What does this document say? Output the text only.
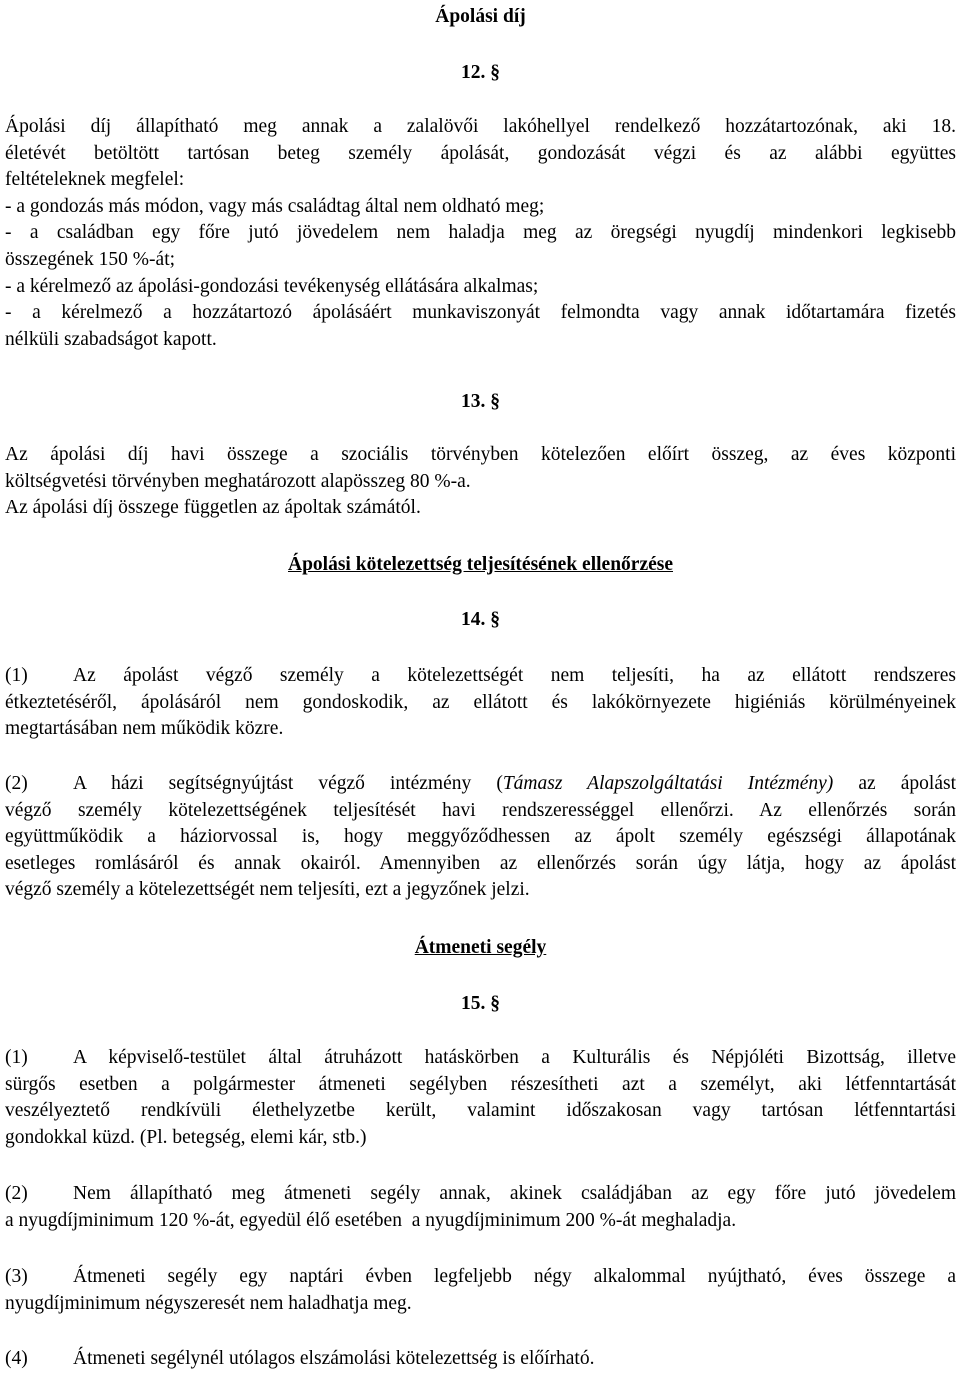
Ápolási díj
12. §
Ápolási díj állapítható meg annak a zalalövői lakóhellyel rendelkező hozzátartozónak, aki 18.
életévét betöltött tartósan beteg személy ápolását, gondozását végzi és az alábbi együttes
feltételeknek megfelel:
- a gondozás más módon, vagy más családtag által nem oldható meg;
- a családban egy főre jutó jövedelem nem haladja meg az öregségi nyugdíj mindenkori legkisebb
összegének 150 %-át;
- a kérelmező az ápolási-gondozási tevékenység ellátására alkalmas;
- a kérelmező a hozzátartozó ápolásáért munkaviszonyát felmondta vagy annak időtartamára fizetés
nélküli szabadságot kapott.
13. §
Az ápolási díj havi összege a szociális törvényben kötelezően előírt összeg, az éves központi
költségvetési törvényben meghatározott alapösszeg 80 %-a.
Az ápolási díj összege független az ápoltak számától.
Ápolási kötelezettség teljesítésének ellenőrzése
14. §
(1) Az ápolást végző személy a kötelezettségét nem teljesíti, ha az ellátott rendszeres
étkeztetéséről, ápolásáról nem gondoskodik, az ellátott és lakókörnyezete higiéniás körülményeinek
megtartásában nem működik közre.
(2) A házi segítségnyújtást végző intézmény (Támasz Alapszolgáltatási Intézmény) az ápolást
végző személy kötelezettségének teljesítését havi rendszerességgel ellenőrzi. Az ellenőrzés során
együttműködik a háziorvossal is, hogy meggyőződhessen az ápolt személy egészségi állapotának
esetleges romlásáról és annak okairól. Amennyiben az ellenőrzés során úgy látja, hogy az ápolást
végző személy a kötelezettségét nem teljesíti, ezt a jegyzőnek jelzi.
Átmeneti segély
15. §
(1) A képviselő-testület által átruházott hatáskörben a Kulturális és Népjóléti Bizottság, illetve
sürgős esetben a polgármester átmeneti segélyben részesítheti azt a személyt, aki létfenntartását
veszélyeztető rendkívüli élethelyzetbe került, valamint időszakosan vagy tartósan létfenntartási
gondokkal küzd. (Pl. betegség, elemi kár, stb.)
(2) Nem állapítható meg átmeneti segély annak, akinek családjában az egy főre jutó jövedelem
a nyugdíjminimum 120 %-át, egyedül élő esetében  a nyugdíjminimum 200 %-át meghaladja.
(3) Átmeneti segély egy naptári évben legfeljebb négy alkalommal nyújtható, éves összege a
nyugdíjminimum négyszeresét nem haladhatja meg.
(4) Átmeneti segélynél utólagos elszámolási kötelezettség is előírható.
